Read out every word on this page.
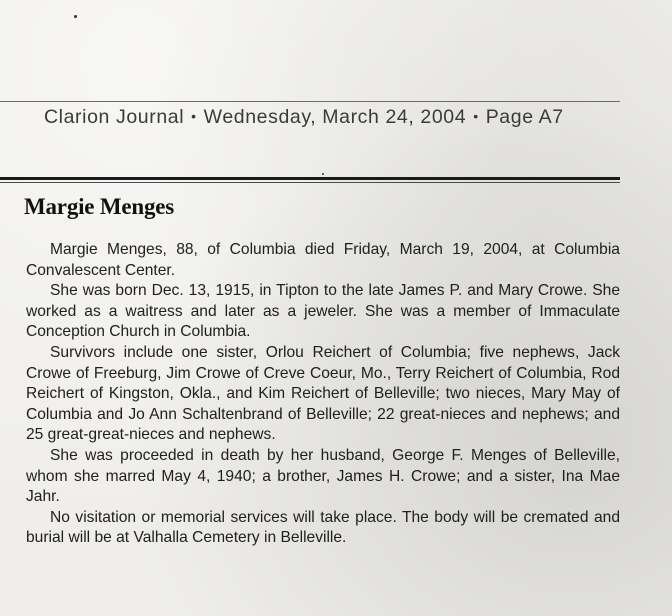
Clarion Journal • Wednesday, March 24, 2004 • Page A7
Margie Menges

Margie Menges, 88, of Columbia died Friday, March 19, 2004, at Columbia Convalescent Center.

She was born Dec. 13, 1915, in Tipton to the late James P. and Mary Crowe. She worked as a waitress and later as a jeweler. She was a member of Immaculate Conception Church in Columbia.

Survivors include one sister, Orlou Reichert of Columbia; five nephews, Jack Crowe of Freeburg, Jim Crowe of Creve Coeur, Mo., Terry Reichert of Columbia, Rod Reichert of Kingston, Okla., and Kim Reichert of Belleville; two nieces, Mary May of Columbia and Jo Ann Schaltenbrand of Belleville; 22 great-nieces and nephews; and 25 great-great-nieces and nephews.

She was proceeded in death by her husband, George F. Menges of Belleville, whom she marred May 4, 1940; a brother, James H. Crowe; and a sister, Ina Mae Jahr.

No visitation or memorial services will take place. The body will be cremated and burial will be at Valhalla Cemetery in Belleville.
